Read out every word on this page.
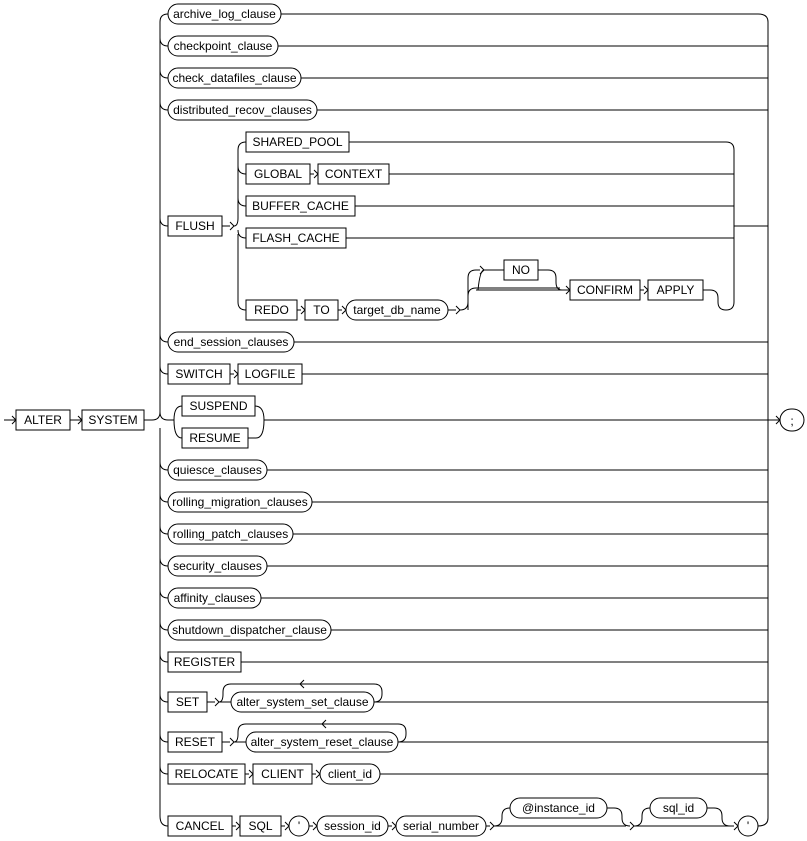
ALTER SYSTEM	;
archive_log_clause
checkpoint_clause
check_datafiles_clause
distributed_recov_clauses
FLUSH
SHARED_POOL
GLOBAL CONTEXT
BUFFER_CACHE
FLASH_CACHE
REDO TO target_db_name
NO
CONFIRM APPLY
end_session_clauses
SWITCH LOGFILE
SUSPEND
RESUME
quiesce_clauses
rolling_migration_clauses
rolling_patch_clauses
security_clauses
affinity_clauses
shutdown_dispatcher_clause
REGISTER
SET	alter_system_set_clause
RESET	alter_system_reset_clause
RELOCATE CLIENT client_id
CANCEL SQL ' session_id serial_number
@instance_id	sql_id
'
